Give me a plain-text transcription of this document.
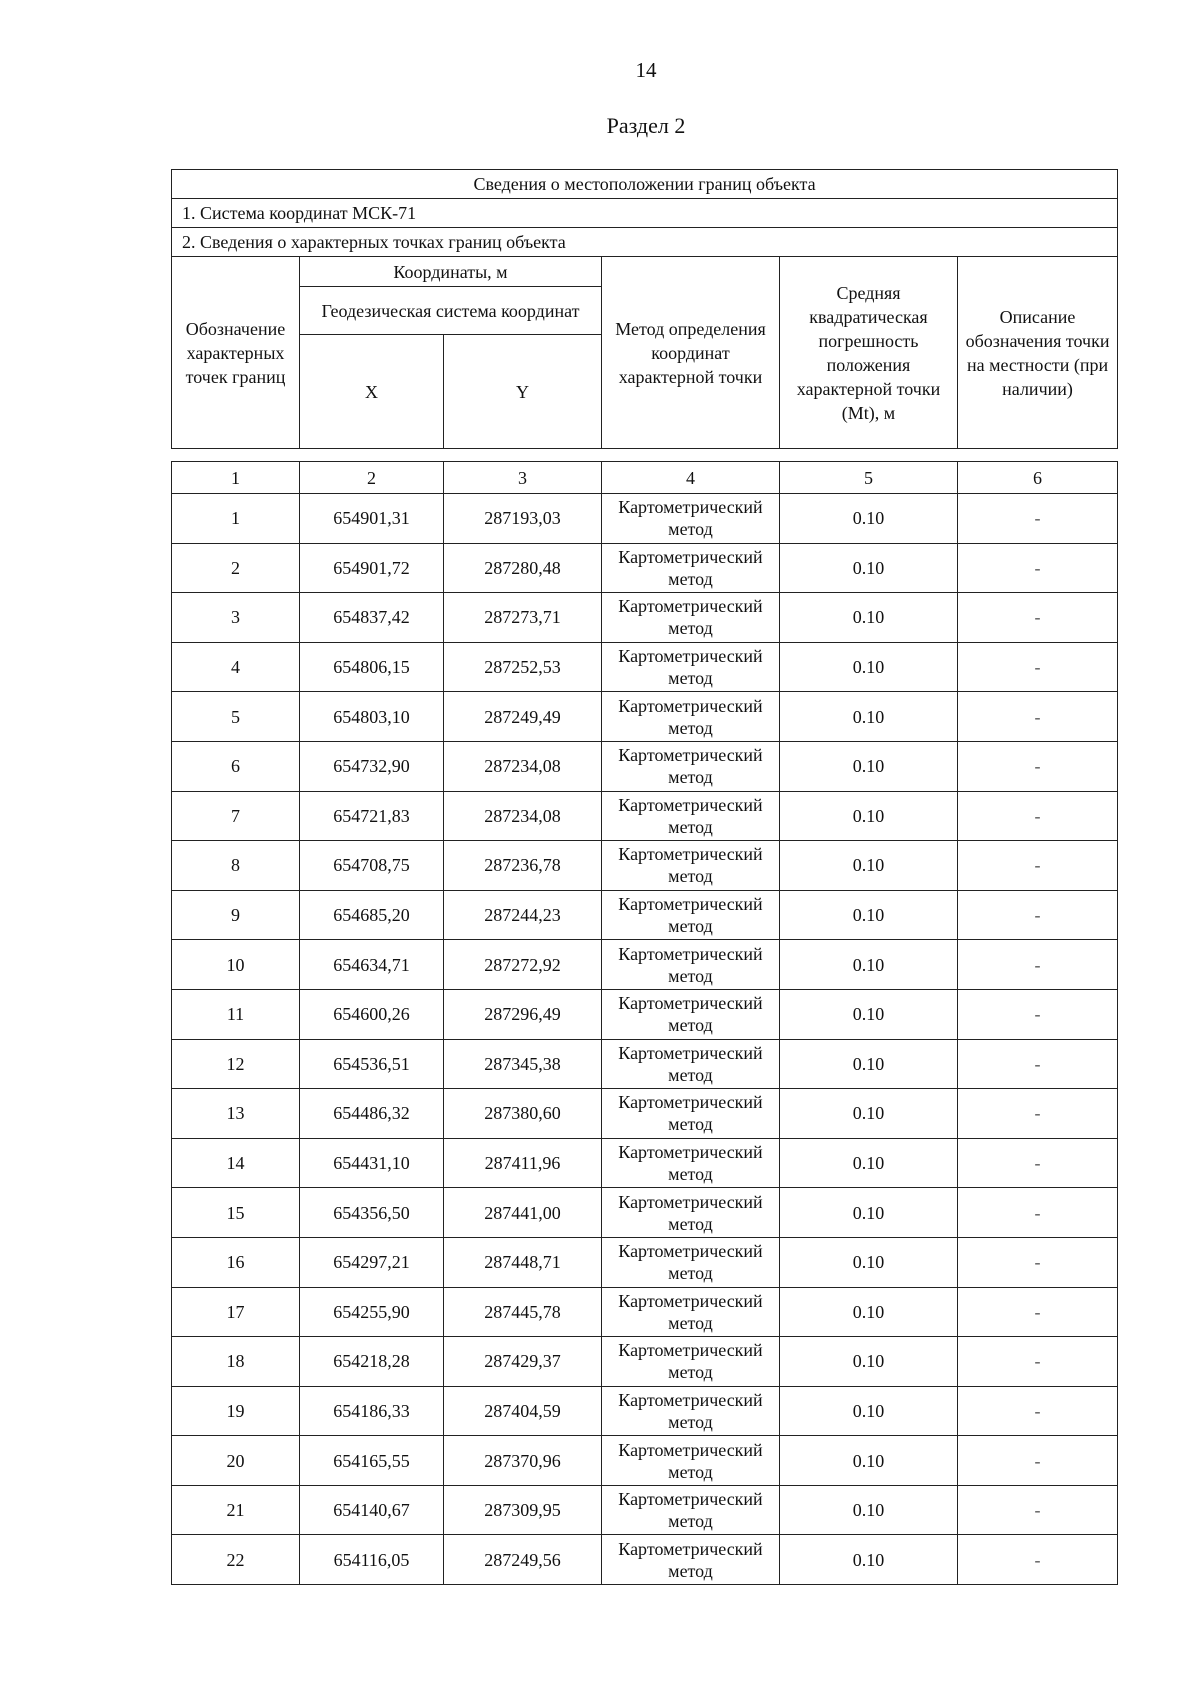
14
Раздел 2
Сведения о местоположении границ объекта					
1. Система координат МСК-71					
2. Сведения о характерных точках границ объекта					
Обозначение характерных точек границ	Координаты, м		Метод определения координат характерной точки	Средняя квадратическая погрешность положения характерной точки (Mt), м	Описание обозначения точки на местности (при наличии)
	Геодезическая система координат				
	X	Y			
1	2	3	4	5	6
1	654901,31	287193,03	Картометрический метод	0.10	-
2	654901,72	287280,48	Картометрический метод	0.10	-
3	654837,42	287273,71	Картометрический метод	0.10	-
4	654806,15	287252,53	Картометрический метод	0.10	-
5	654803,10	287249,49	Картометрический метод	0.10	-
6	654732,90	287234,08	Картометрический метод	0.10	-
7	654721,83	287234,08	Картометрический метод	0.10	-
8	654708,75	287236,78	Картометрический метод	0.10	-
9	654685,20	287244,23	Картометрический метод	0.10	-
10	654634,71	287272,92	Картометрический метод	0.10	-
11	654600,26	287296,49	Картометрический метод	0.10	-
12	654536,51	287345,38	Картометрический метод	0.10	-
13	654486,32	287380,60	Картометрический метод	0.10	-
14	654431,10	287411,96	Картометрический метод	0.10	-
15	654356,50	287441,00	Картометрический метод	0.10	-
16	654297,21	287448,71	Картометрический метод	0.10	-
17	654255,90	287445,78	Картометрический метод	0.10	-
18	654218,28	287429,37	Картометрический метод	0.10	-
19	654186,33	287404,59	Картометрический метод	0.10	-
20	654165,55	287370,96	Картометрический метод	0.10	-
21	654140,67	287309,95	Картометрический метод	0.10	-
22	654116,05	287249,56	Картометрический метод	0.10	-
